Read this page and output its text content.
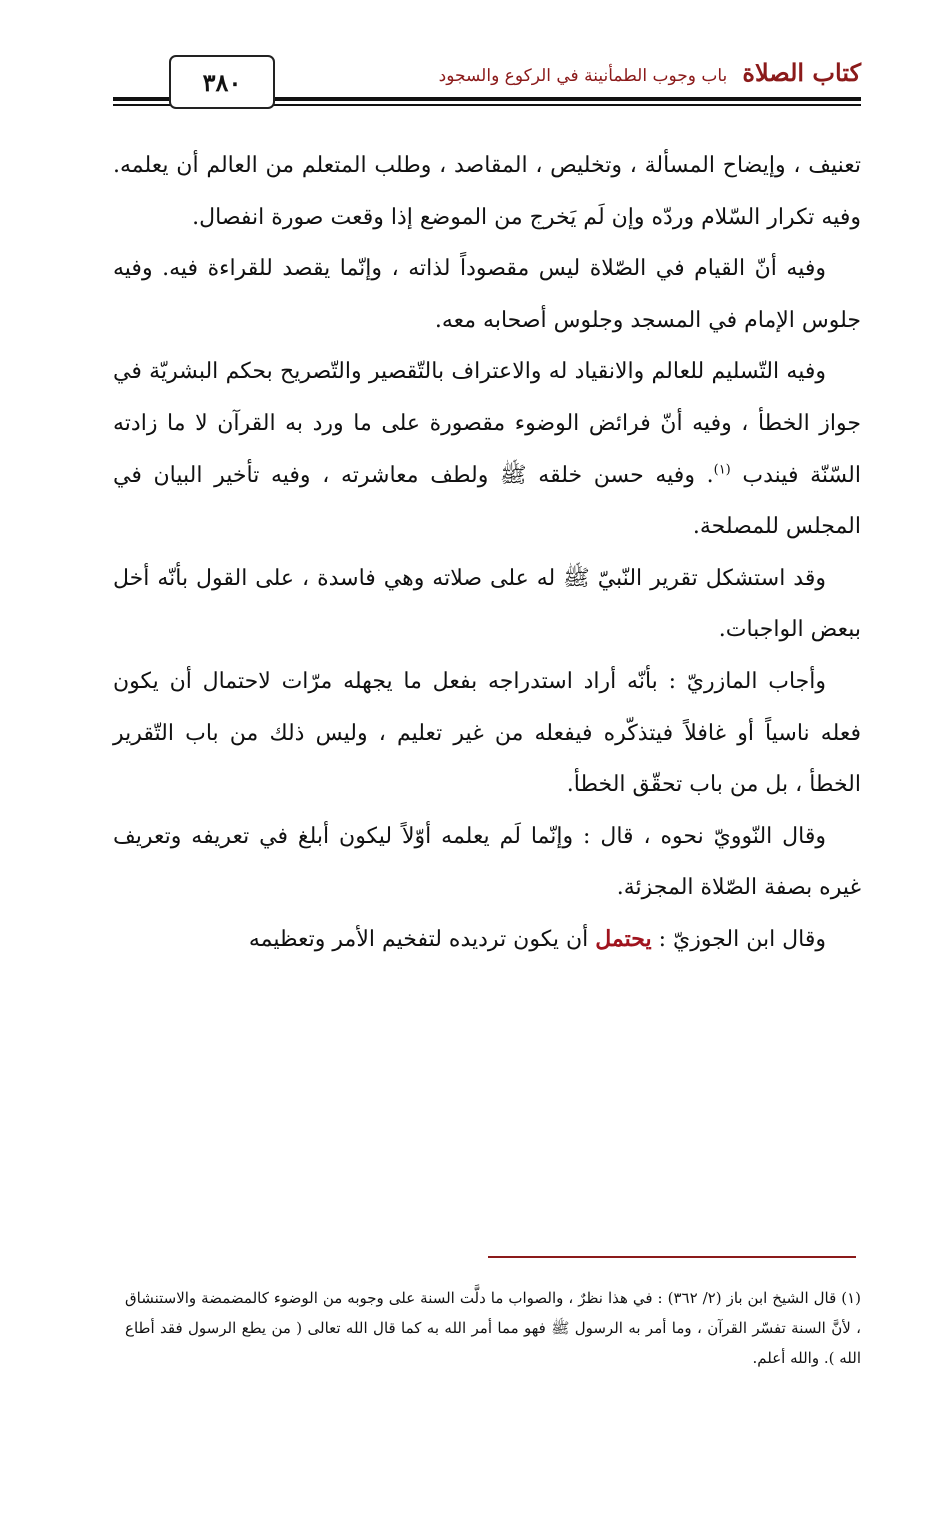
كتاب الصلاة باب وجوب الطمأنينة في الركوع والسجود
٣٨٠

تعنيف ، وإيضاح المسألة ، وتخليص ، المقاصد ، وطلب المتعلم من العالم أن يعلمه. وفيه تكرار السّلام وردّه وإن لَم يَخرج من الموضع إذا وقعت صورة انفصال.

وفيه أنّ القيام في الصّلاة ليس مقصوداً لذاته ، وإنّما يقصد للقراءة فيه. وفيه جلوس الإمام في المسجد وجلوس أصحابه معه.

وفيه التّسليم للعالم والانقياد له والاعتراف بالتّقصير والتّصريح بحكم البشريّة في جواز الخطأ ، وفيه أنّ فرائض الوضوء مقصورة على ما ورد به القرآن لا ما زادته السّنّة فيندب $^{(١)}$. وفيه حسن خلقه ﷺ ولطف معاشرته ، وفيه تأخير البيان في المجلس للمصلحة.

وقد استشكل تقرير النّبيّ ﷺ له على صلاته وهي فاسدة ، على القول بأنّه أخل ببعض الواجبات.

وأجاب المازريّ : بأنّه أراد استدراجه بفعل ما يجهله مرّات لاحتمال أن يكون فعله ناسياً أو غافلاً فيتذكّره فيفعله من غير تعليم ، وليس ذلك من باب التّقرير الخطأ ، بل من باب تحقّق الخطأ.

وقال النّوويّ نحوه ، قال : وإنّما لَم يعلمه أوّلاً ليكون أبلغ في تعريفه وتعريف غيره بصفة الصّلاة المجزئة.

وقال ابن الجوزيّ : يحتمل أن يكون ترديده لتفخيم الأمر وتعظيمه

(١) قال الشيخ ابن باز (٢/ ٣٦٢) : في هذا نظرٌ ، والصواب ما دلَّت السنة على وجوبه من الوضوء كالمضمضة والاستنشاق ، لأنَّ السنة تفسّر القرآن ، وما أمر به الرسول ﷺ فهو مما أمر الله به كما قال الله تعالى ( من يطع الرسول فقد أطاع الله ). والله أعلم.
